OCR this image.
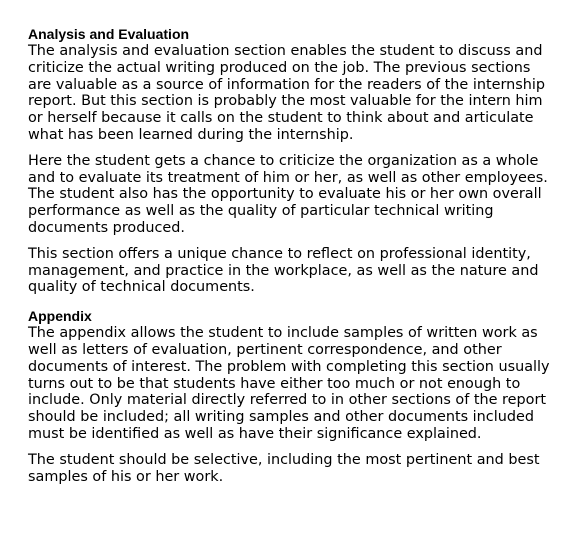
Analysis and Evaluation

The analysis and evaluation section enables the student to discuss and
criticize the actual writing produced on the job. The previous sections
are valuable as a source of information for the readers of the internship
report. But this section is probably the most valuable for the intern him
or herself because it calls on the student to think about and articulate
what has been learned during the internship.

Here the student gets a chance to criticize the organization as a whole
and to evaluate its treatment of him or her, as well as other employees.
The student also has the opportunity to evaluate his or her own overall
performance as well as the quality of particular technical writing
documents produced.

This section offers a unique chance to reflect on professional identity,
management, and practice in the workplace, as well as the nature and
quality of technical documents.

Appendix

The appendix allows the student to include samples of written work as
well as letters of evaluation, pertinent correspondence, and other
documents of interest. The problem with completing this section usually
turns out to be that students have either too much or not enough to
include. Only material directly referred to in other sections of the report
should be included; all writing samples and other documents included
must be identified as well as have their significance explained.

The student should be selective, including the most pertinent and best
samples of his or her work.
